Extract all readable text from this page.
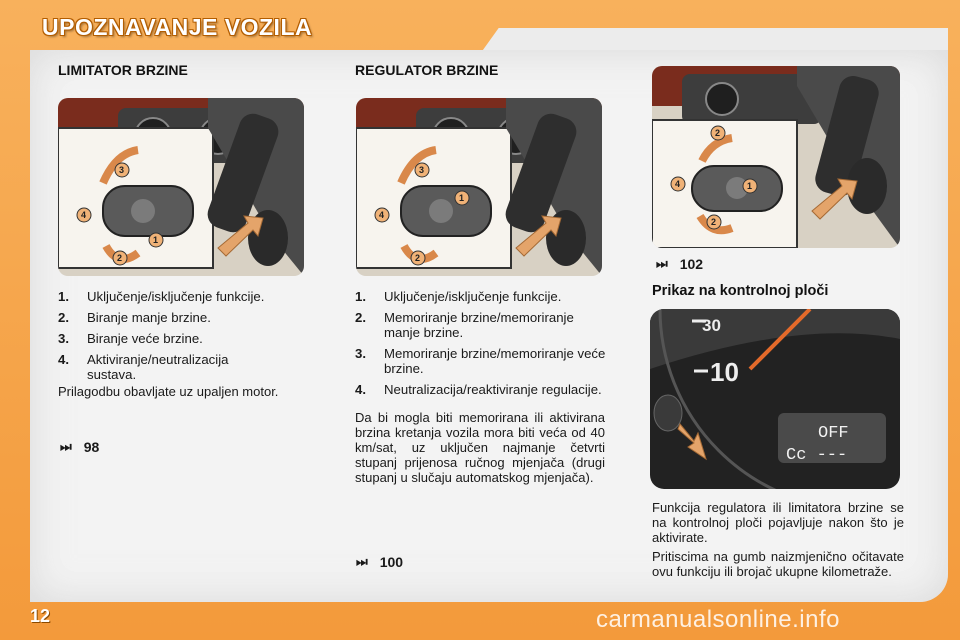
UPOZNAVANJE VOZILA
LIMITATOR BRZINE
3
4
1
2
1.	Uključenje/isključenje funkcije.
2.	Biranje manje brzine.
3.	Biranje veće brzine.
4.	Aktiviranje/neutralizacija sustava.

Prilagodbu obavljate uz upaljen motor.

⏭ 98
REGULATOR BRZINE
3
1
4
2
1.	Uključenje/isključenje funkcije.
2.	Memoriranje brzine/memoriranje manje brzine.
3.	Memoriranje brzine/memoriranje veće brzine.
4.	Neutralizacija/reaktiviranje regulacije.

Da bi mogla biti memorirana ili aktivirana brzina kretanja vozila mora biti veća od 40 km/sat, uz uključen najmanje četvrti stupanj prijenosa ručnog mjenjača (drugi stupanj u slučaju automatskog mjenjača).

⏭ 100
2
4	1
2
⏭ 102
Prikaz na kontrolnoj ploči
30
10
OFF
Cc ---

Funkcija regulatora ili limitatora brzine se na kontrolnoj ploči pojavljuje nakon što je aktivirate.

Pritiscima na gumb naizmjenično očitavate ovu funkciju ili brojač ukupne kilometraže.

12	carmanualsonline.info
